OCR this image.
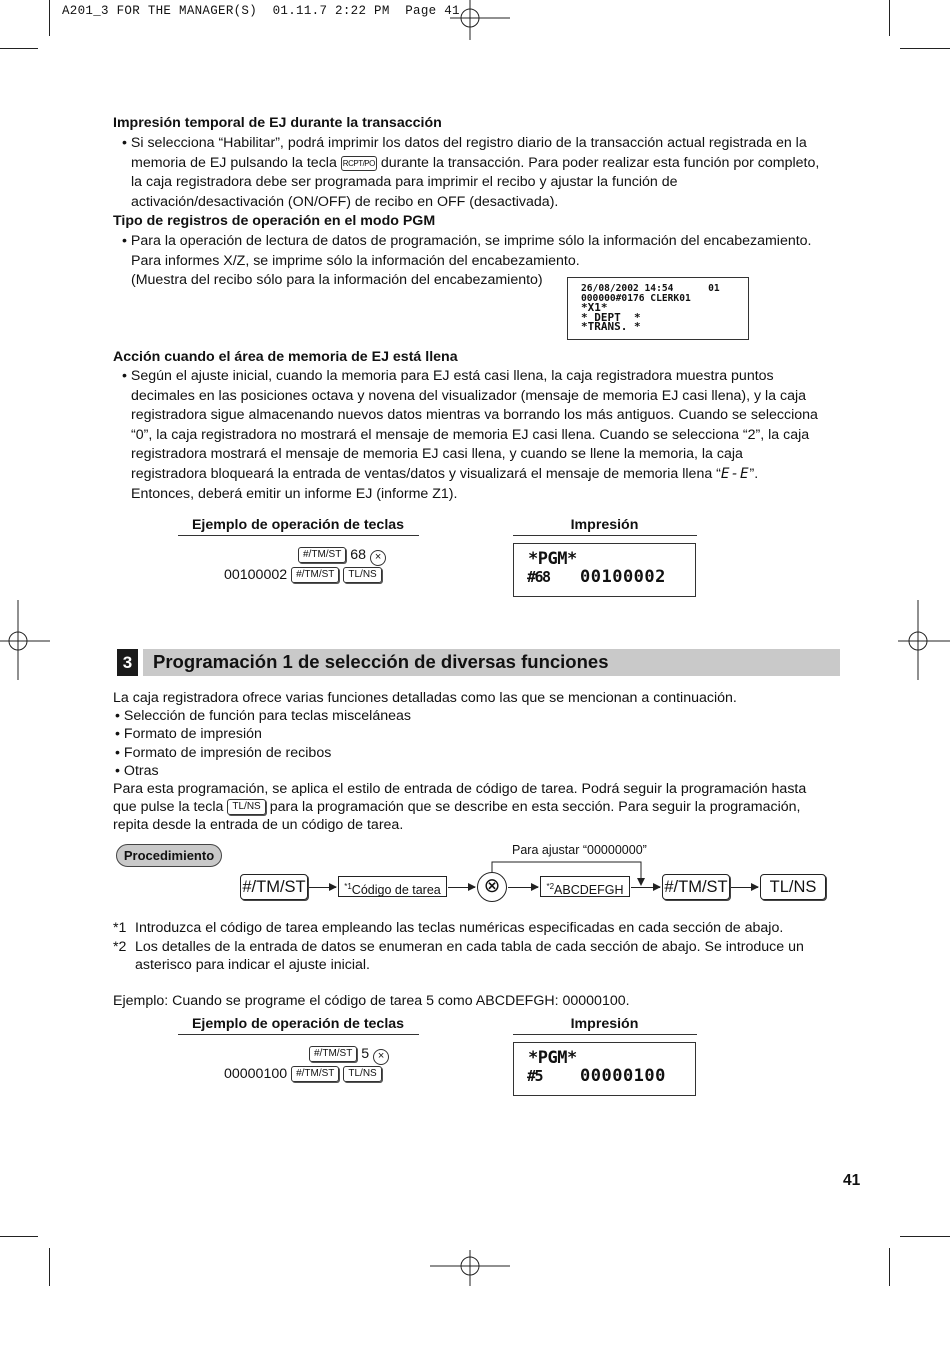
A201_3 FOR THE MANAGER(S)  01.11.7 2:22 PM  Page 41
Impresión temporal de EJ durante la transacción
• Si selecciona “Habilitar”, podrá imprimir los datos del registro diario de la transacción actual registrada en la
memoria de EJ pulsando la tecla RCPT/PO durante la transacción. Para poder realizar esta función por completo,
la caja registradora debe ser programada para imprimir el recibo y ajustar la función de
activación/desactivación (ON/OFF) de recibo en OFF (desactivada).
Tipo de registros de operación en el modo PGM
• Para la operación de lectura de datos de programación, se imprime sólo la información del encabezamiento.
Para informes X/Z, se imprime sólo la información del encabezamiento.
(Muestra del recibo sólo para la información del encabezamiento)
26/08/2002 14:54      01
000000#0176 CLERK01
*X1*
* DEPT  *
*TRANS. *
Acción cuando el área de memoria de EJ está llena
• Según el ajuste inicial, cuando la memoria para EJ está casi llena, la caja registradora muestra puntos
decimales en las posiciones octava y novena del visualizador (mensaje de memoria EJ casi llena), y la caja
registradora sigue almacenando nuevos datos mientras va borrando los más antiguos. Cuando se selecciona
“0”, la caja registradora no mostrará el mensaje de memoria EJ casi llena. Cuando se selecciona “2”, la caja
registradora mostrará el mensaje de memoria EJ casi llena, y cuando se llene la memoria, la caja
registradora bloqueará la entrada de ventas/datos y visualizará el mensaje de memoria llena “E-E”.
Entonces, deberá emitir un informe EJ (informe Z1).
Ejemplo de operación de teclas	Impresión
#/TM/ST 68 ×
00100002 #/TM/ST TL/NS
*PGM*
#68 00100002
3	Programación 1 de selección de diversas funciones
La caja registradora ofrece varias funciones detalladas como las que se mencionan a continuación.
• Selección de función para teclas misceláneas
• Formato de impresión
• Formato de impresión de recibos
• Otras
Para esta programación, se aplica el estilo de entrada de código de tarea. Podrá seguir la programación hasta
que pulse la tecla TL/NS para la programación que se describe en esta sección. Para seguir la programación,
repita desde la entrada de un código de tarea.
Procedimiento	Para ajustar “00000000”
#/TM/ST	$^{*1}$Código de tarea	⊗	$^{*2}$ABCDEFGH	#/TM/ST	TL/NS
*1 Introduzca el código de tarea empleando las teclas numéricas especificadas en cada sección de abajo.
*2 Los detalles de la entrada de datos se enumeran en cada tabla de cada sección de abajo. Se introduce un
asterisco para indicar el ajuste inicial.
Ejemplo: Cuando se programe el código de tarea 5 como ABCDEFGH: 00000100.
Ejemplo de operación de teclas	Impresión
#/TM/ST 5 ×
00000100 #/TM/ST TL/NS
*PGM*
#5 00000100
41
